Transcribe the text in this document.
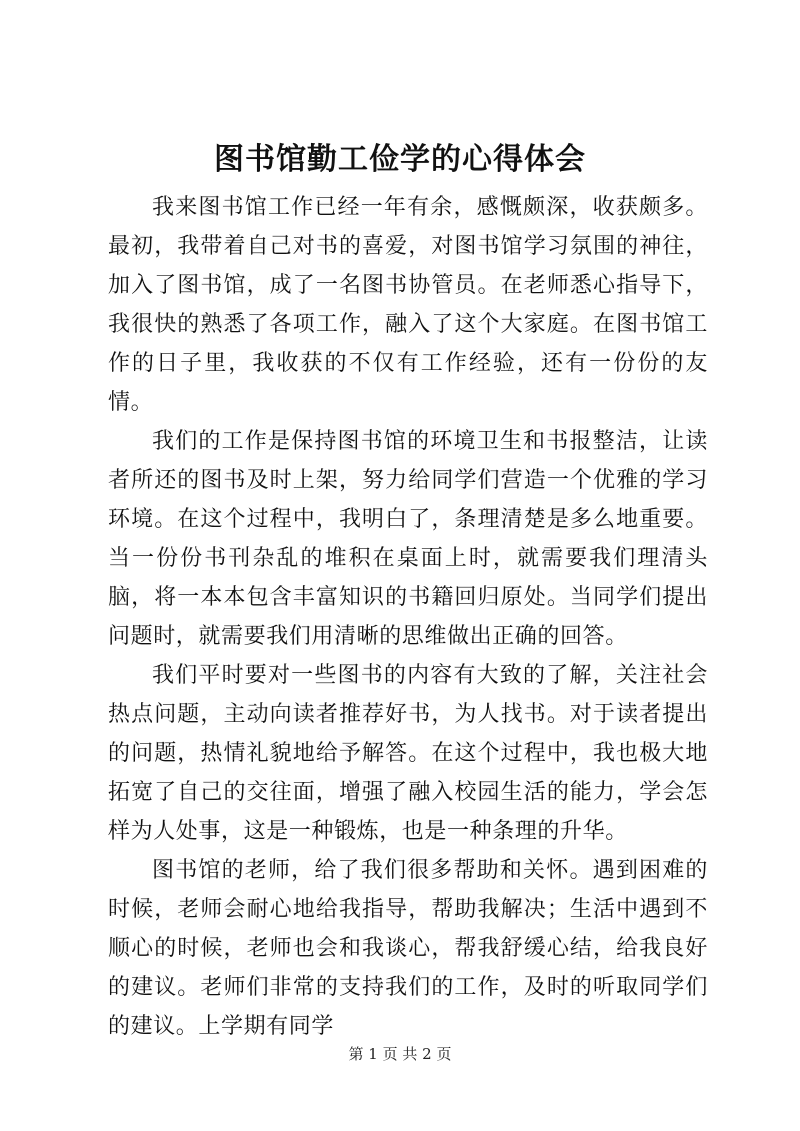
图书馆勤工俭学的心得体会

我来图书馆工作已经一年有余，感慨颇深，收获颇多。最初，我带着自己对书的喜爱，对图书馆学习氛围的神往，加入了图书馆，成了一名图书协管员。在老师悉心指导下，我很快的熟悉了各项工作，融入了这个大家庭。在图书馆工作的日子里，我收获的不仅有工作经验，还有一份份的友情。

我们的工作是保持图书馆的环境卫生和书报整洁，让读者所还的图书及时上架，努力给同学们营造一个优雅的学习环境。在这个过程中，我明白了，条理清楚是多么地重要。当一份份书刊杂乱的堆积在桌面上时，就需要我们理清头脑，将一本本包含丰富知识的书籍回归原处。当同学们提出问题时，就需要我们用清晰的思维做出正确的回答。

我们平时要对一些图书的内容有大致的了解，关注社会热点问题，主动向读者推荐好书，为人找书。对于读者提出的问题，热情礼貌地给予解答。在这个过程中，我也极大地拓宽了自己的交往面，增强了融入校园生活的能力，学会怎样为人处事，这是一种锻炼，也是一种条理的升华。

图书馆的老师，给了我们很多帮助和关怀。遇到困难的时候，老师会耐心地给我指导，帮助我解决；生活中遇到不顺心的时候，老师也会和我谈心，帮我舒缓心结，给我良好的建议。老师们非常的支持我们的工作，及时的听取同学们的建议。上学期有同学

第 1 页 共 2 页
